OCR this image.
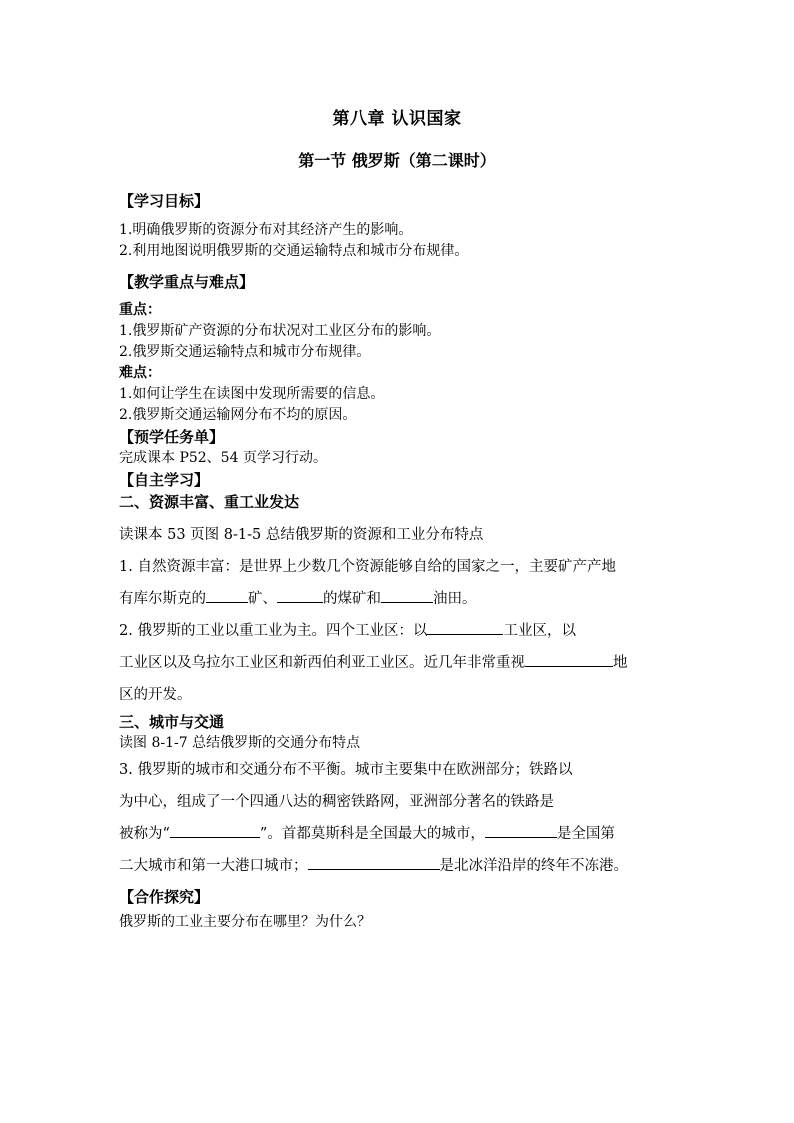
第八章 认识国家
第一节 俄罗斯（第二课时）

【学习目标】

1.明确俄罗斯的资源分布对其经济产生的影响。

2.利用地图说明俄罗斯的交通运输特点和城市分布规律。

【教学重点与难点】

重点：

1.俄罗斯矿产资源的分布状况对工业区分布的影响。

2.俄罗斯交通运输特点和城市分布规律。

难点：

1.如何让学生在读图中发现所需要的信息。

2.俄罗斯交通运输网分布不均的原因。

【预学任务单】

完成课本 P52、54 页学习行动。

【自主学习】

二、资源丰富、重工业发达

读课本 53 页图 8-1-5 总结俄罗斯的资源和工业分布特点

1. 自然资源丰富：是世界上少数几个资源能够自给的国家之一，主要矿产产地

有库尔斯克的	矿、	的煤矿和	油田。

2. 俄罗斯的工业以重工业为主。四个工业区：以	工业区，以

工业区以及乌拉尔工业区和新西伯利亚工业区。近几年非常重视	地

区的开发。

三、城市与交通

读图 8-1-7 总结俄罗斯的交通分布特点

3. 俄罗斯的城市和交通分布不平衡。城市主要集中在欧洲部分；铁路以

为中心，组成了一个四通八达的稠密铁路网，亚洲部分著名的铁路是

被称为“	”。首都莫斯科是全国最大的城市，	是全国第

二大城市和第一大港口城市；	是北冰洋沿岸的终年不冻港。

【合作探究】

俄罗斯的工业主要分布在哪里？为什么？
